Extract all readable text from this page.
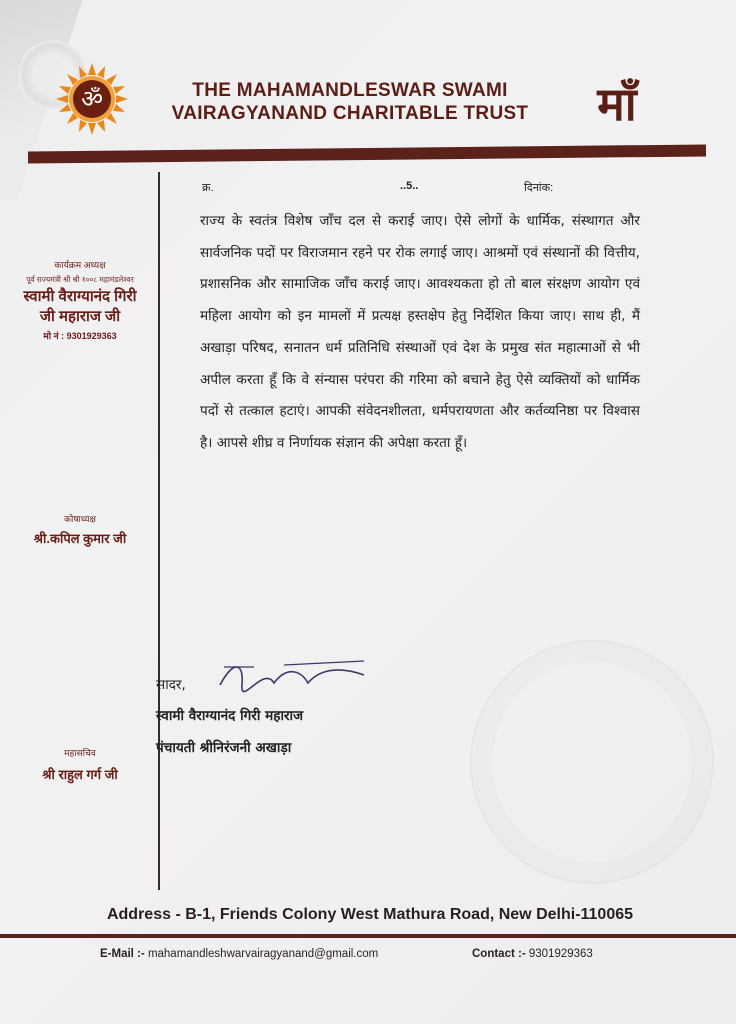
ॐ	THE MAHAMANDLESWAR SWAMI
VAIRAGYANAND CHARITABLE TRUST	माँ
कार्यक्रम अध्यक्ष
पूर्व राज्यमंत्री श्री श्री १००८ महामंडलेश्वर
स्वामी वैराग्यानंद गिरी
जी महाराज जी
मो नं : 9301929363
कोषाध्यक्ष
श्री.कपिल कुमार जी
महासचिव
श्री राहुल गर्ग जी
क्र.	..5..	दिनांक:
राज्य के स्वतंत्र विशेष जाँच दल से कराई जाए। ऐसे लोगों के धार्मिक, संस्थागत और सार्वजनिक पदों पर विराजमान रहने पर रोक लगाई जाए। आश्रमों एवं संस्थानों की वित्तीय, प्रशासनिक और सामाजिक जाँच कराई जाए। आवश्यकता हो तो बाल संरक्षण आयोग एवं महिला आयोग को इन मामलों में प्रत्यक्ष हस्तक्षेप हेतु निर्देशित किया जाए। साथ ही, मैं अखाड़ा परिषद, सनातन धर्म प्रतिनिधि संस्थाओं एवं देश के प्रमुख संत महात्माओं से भी अपील करता हूँ कि वे संन्यास परंपरा की गरिमा को बचाने हेतु ऐसे व्यक्तियों को धार्मिक पदों से तत्काल हटाएं। आपकी संवेदनशीलता, धर्मपरायणता और कर्तव्यनिष्ठा पर विश्वास है। आपसे शीघ्र व निर्णायक संज्ञान की अपेक्षा करता हूँ।
सादर,
स्वामी वैराग्यानंद गिरी महाराज
पंचायती श्रीनिरंजनी अखाड़ा
Address - B-1, Friends Colony West Mathura Road, New Delhi-110065
E-Mail :- mahamandleshwarvairagyanand@gmail.com	Contact :- 9301929363
